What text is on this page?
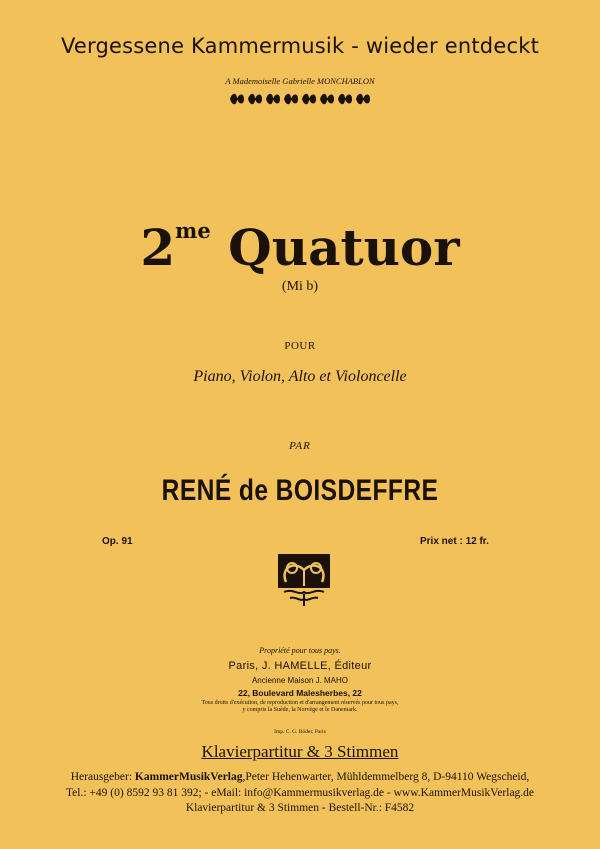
Vergessene Kammermusik - wieder entdeckt
A Mademoiselle Gabrielle MONCHABLON
$2^{me}$ Quatuor
(Mi b)
POUR
Piano, Violon, Alto et Violoncelle
PAR
RENÉ de BOISDEFFRE
Op. 91	Prix net : 12 fr.
Propriété pour tous pays.
Paris, J. HAMELLE, Éditeur
Ancienne Maison J. MAHO
22, Boulevard Malesherbes, 22
Tous droits d'exécution, de reproduction et d'arrangement réservés pour tous pays, y compris la Suède, la Norvège et le Danemark.
Imp. C. G. Röder, Paris
Klavierpartitur & 3 Stimmen
Herausgeber: KammerMusikVerlag,Peter Hehenwarter, Mühldemmelberg 8, D-94110 Wegscheid,
Tel.: +49 (0) 8592 93 81 392; - eMail: info@Kammermusikverlag.de - www.KammerMusikVerlag.de
Klavierpartitur & 3 Stimmen - Bestell-Nr.: F4582
